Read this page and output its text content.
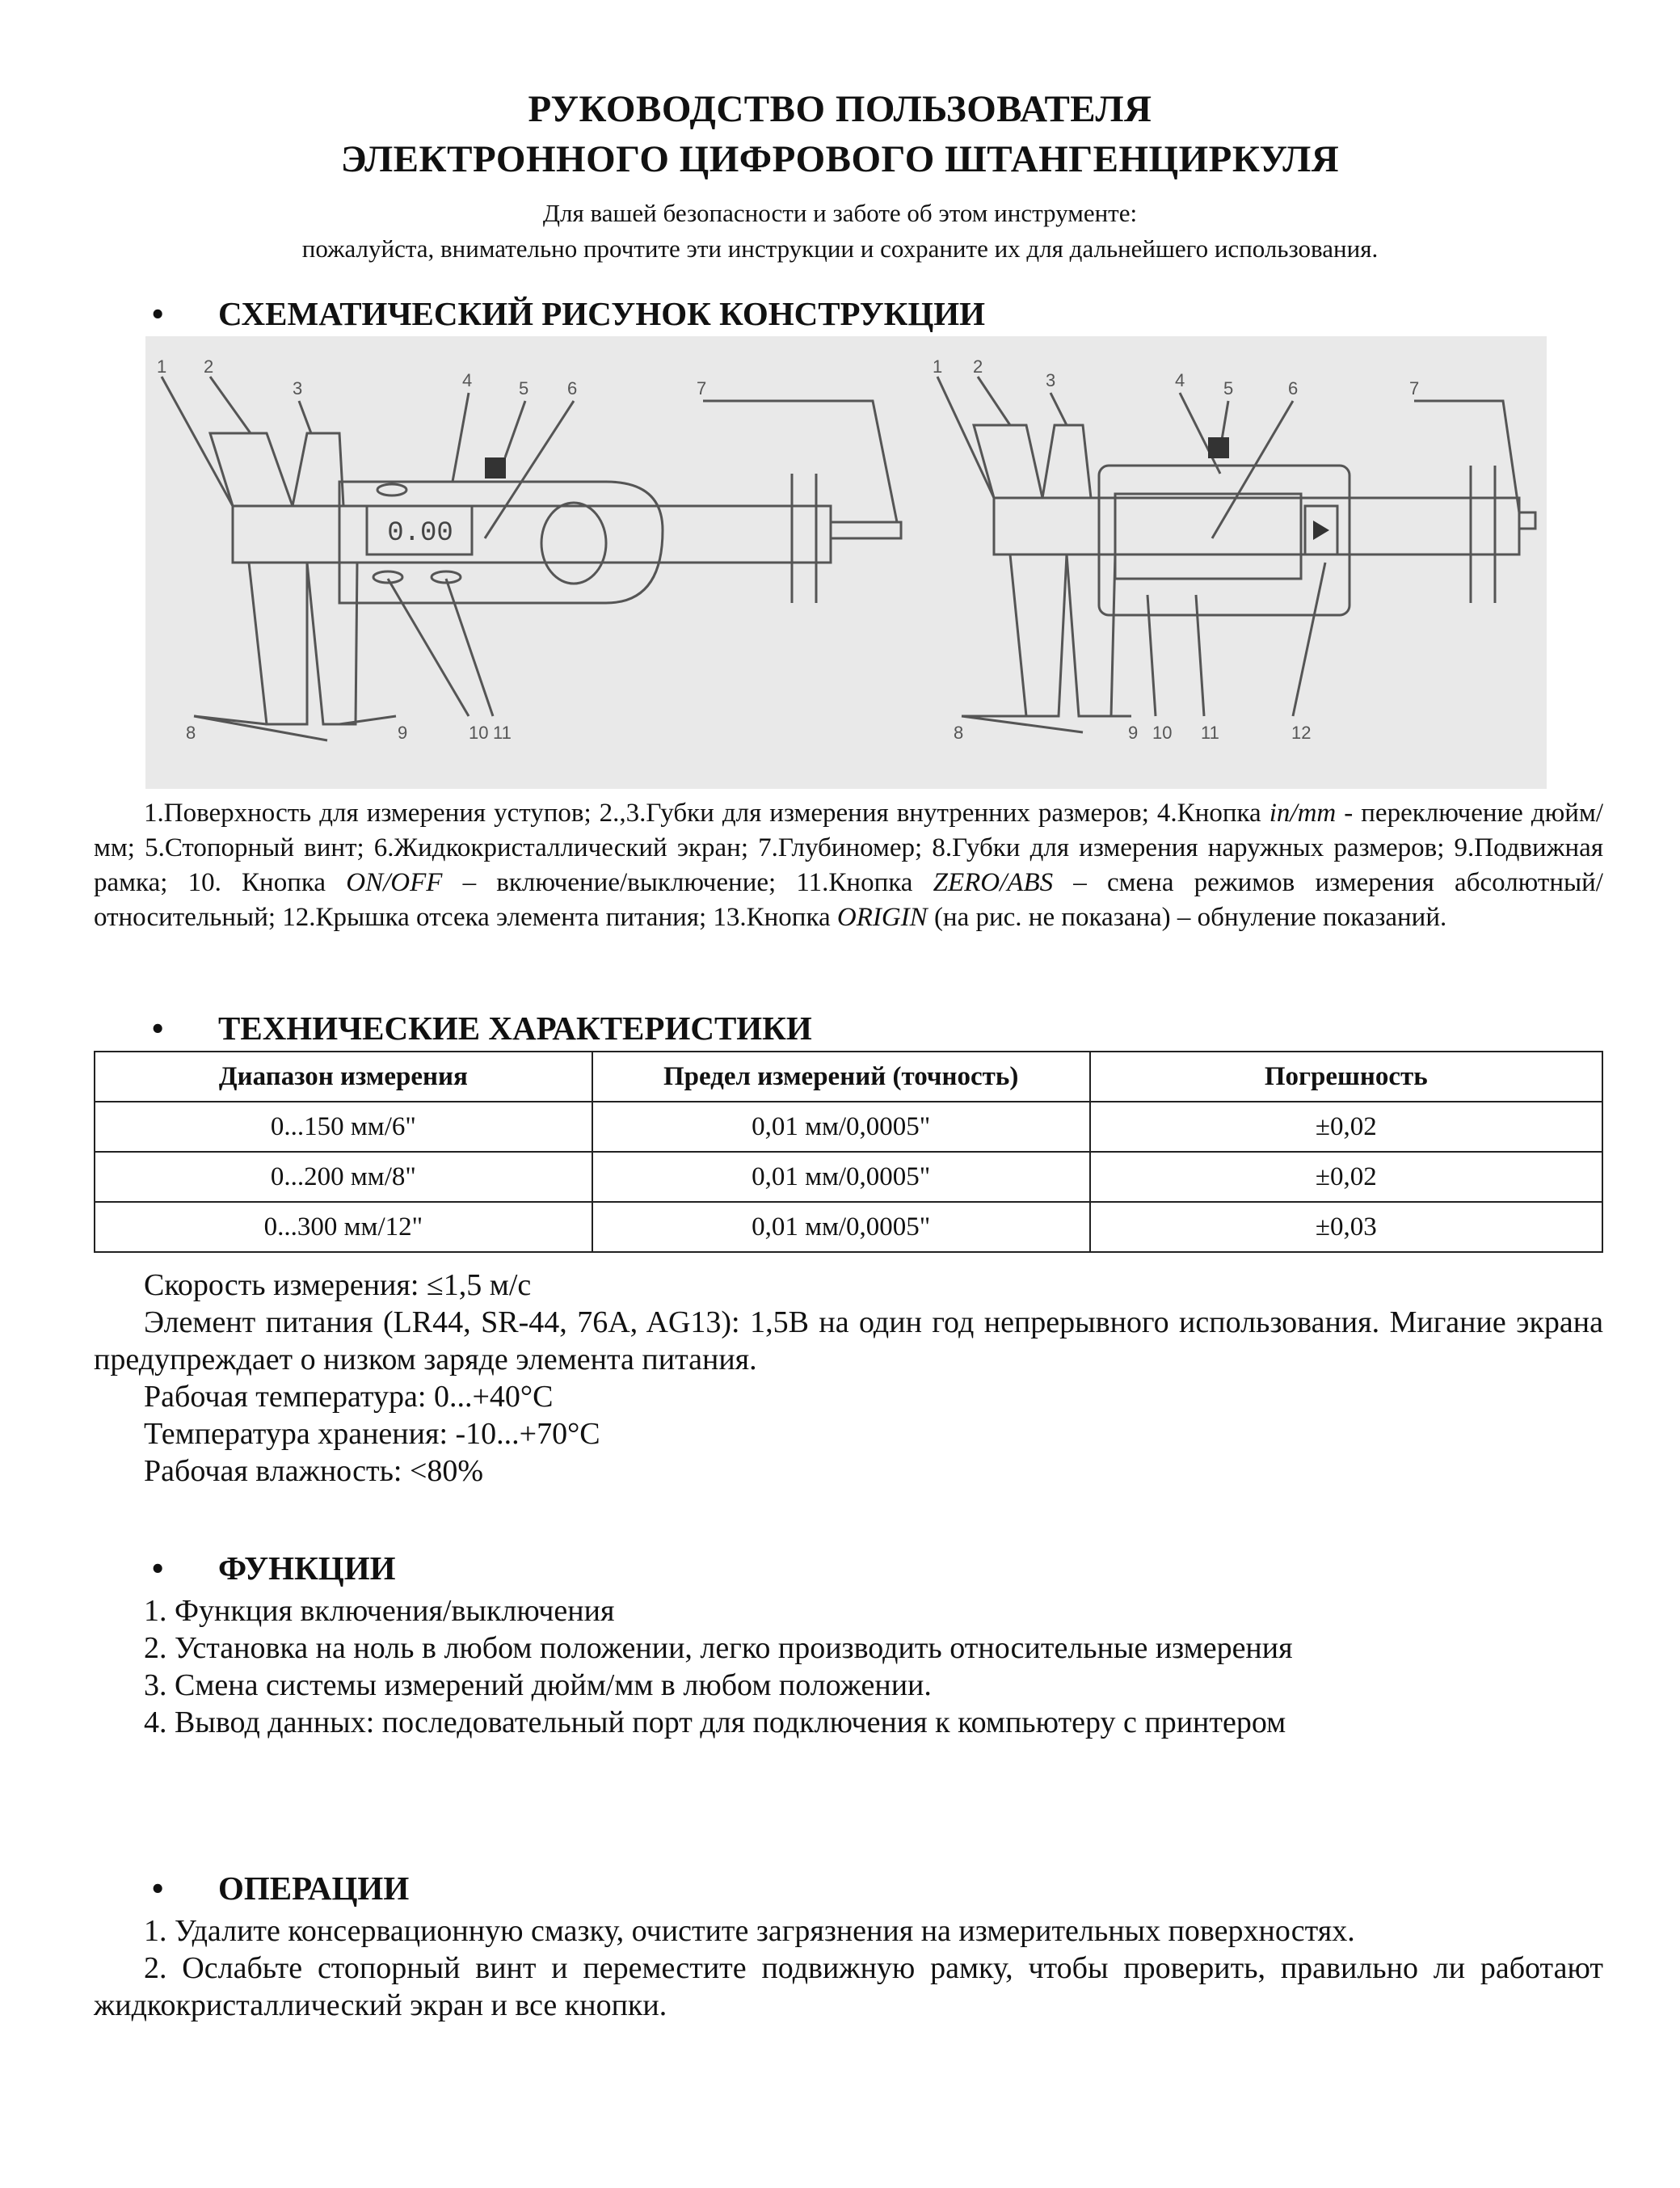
РУКОВОДСТВО ПОЛЬЗОВАТЕЛЯ
ЭЛЕКТРОННОГО ЦИФРОВОГО ШТАНГЕНЦИРКУЛЯ
Для вашей безопасности и заботе об этом инструменте:
пожалуйста, внимательно прочтите эти инструкции и сохраните их для дальнейшего использования.
• СХЕМАТИЧЕСКИЙ РИСУНОК КОНСТРУКЦИИ
1 2
3	4	5 6	7
8	9	10 11
1 2
3	4 5	6	7
8	9 10 11	12
0.00
1.Поверхность для измерения уступов; 2.,3.Губки для измерения внутренних размеров; 4.Кнопка in/mm - переключение дюйм/мм; 5.Стопорный винт; 6.Жидкокристаллический экран; 7.Глубиномер; 8.Губки для измерения наружных размеров; 9.Подвижная рамка; 10. Кнопка ON/OFF – включение/выключение; 11.Кнопка ZERO/ABS – смена режимов измерения абсолютный/относительный; 12.Крышка отсека элемента питания; 13.Кнопка ORIGIN (на рис. не показана) – обнуление показаний.
• ТЕХНИЧЕСКИЕ ХАРАКТЕРИСТИКИ
Диапазон измерения	Предел измерений (точность)	Погрешность
0...150 мм/6"	0,01 мм/0,0005"	±0,02
0...200 мм/8"	0,01 мм/0,0005"	±0,02
0...300 мм/12"	0,01 мм/0,0005"	±0,03

Скорость измерения: ≤1,5 м/с

Элемент питания (LR44, SR-44, 76A, AG13): 1,5В на один год непрерывного использования. Мигание экрана предупреждает о низком заряде элемента питания.

Рабочая температура: 0...+40°C

Температура хранения: -10...+70°C

Рабочая влажность: <80%

• ФУНКЦИИ

1. Функция включения/выключения

2. Установка на ноль в любом положении, легко производить относительные измерения

3. Смена системы измерений дюйм/мм в любом положении.

4. Вывод данных: последовательный порт для подключения к компьютеру с принтером

• ОПЕРАЦИИ

1. Удалите консервационную смазку, очистите загрязнения на измерительных поверхностях.

2. Ослабьте стопорный винт и переместите подвижную рамку, чтобы проверить, правильно ли работают жидкокристаллический экран и все кнопки.
